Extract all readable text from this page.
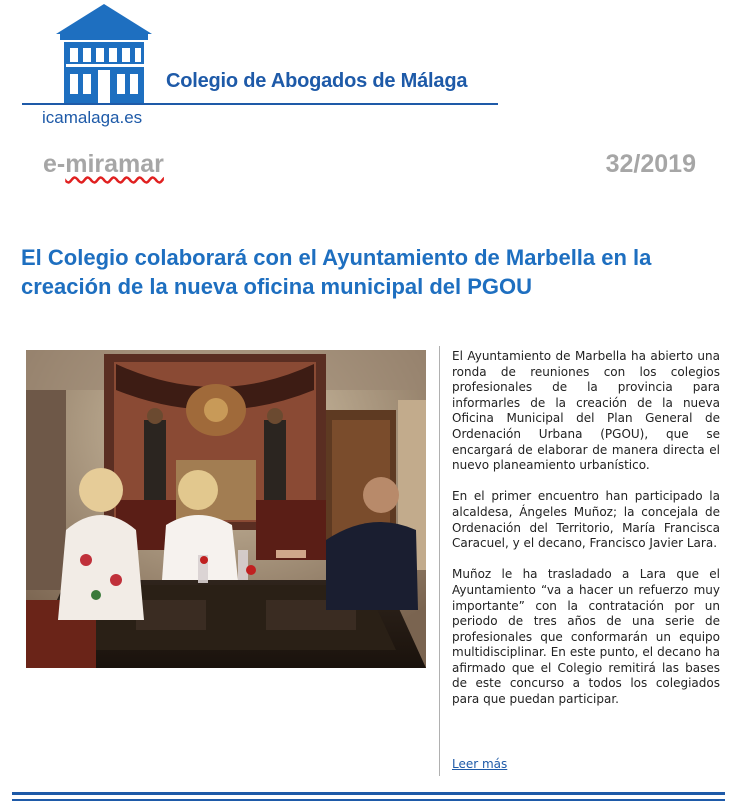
Colegio de Abogados de Málaga
icamalaga.es
e-miramar	32/2019
El Colegio colaborará con el Ayuntamiento de Marbella en la creación de la nueva oficina municipal del PGOU

El Ayuntamiento de Marbella ha abierto una ronda de reuniones con los colegios profesionales de la provincia para informarles de la creación de la nueva Oficina Municipal del Plan General de Ordenación Urbana (PGOU), que se encargará de elaborar de manera directa el nuevo planeamiento urbanístico.

En el primer encuentro han participado la alcaldesa, Ángeles Muñoz; la concejala de Ordenación del Territorio, María Francisca Caracuel, y el decano, Francisco Javier Lara.

Muñoz le ha trasladado a Lara que el Ayuntamiento “va a hacer un refuerzo muy importante” con la contratación por un periodo de tres años de una serie de profesionales que conformarán un equipo multidisciplinar. En este punto, el decano ha afirmado que el Colegio remitirá las bases de este concurso a todos los colegiados para que puedan participar.

Leer más
